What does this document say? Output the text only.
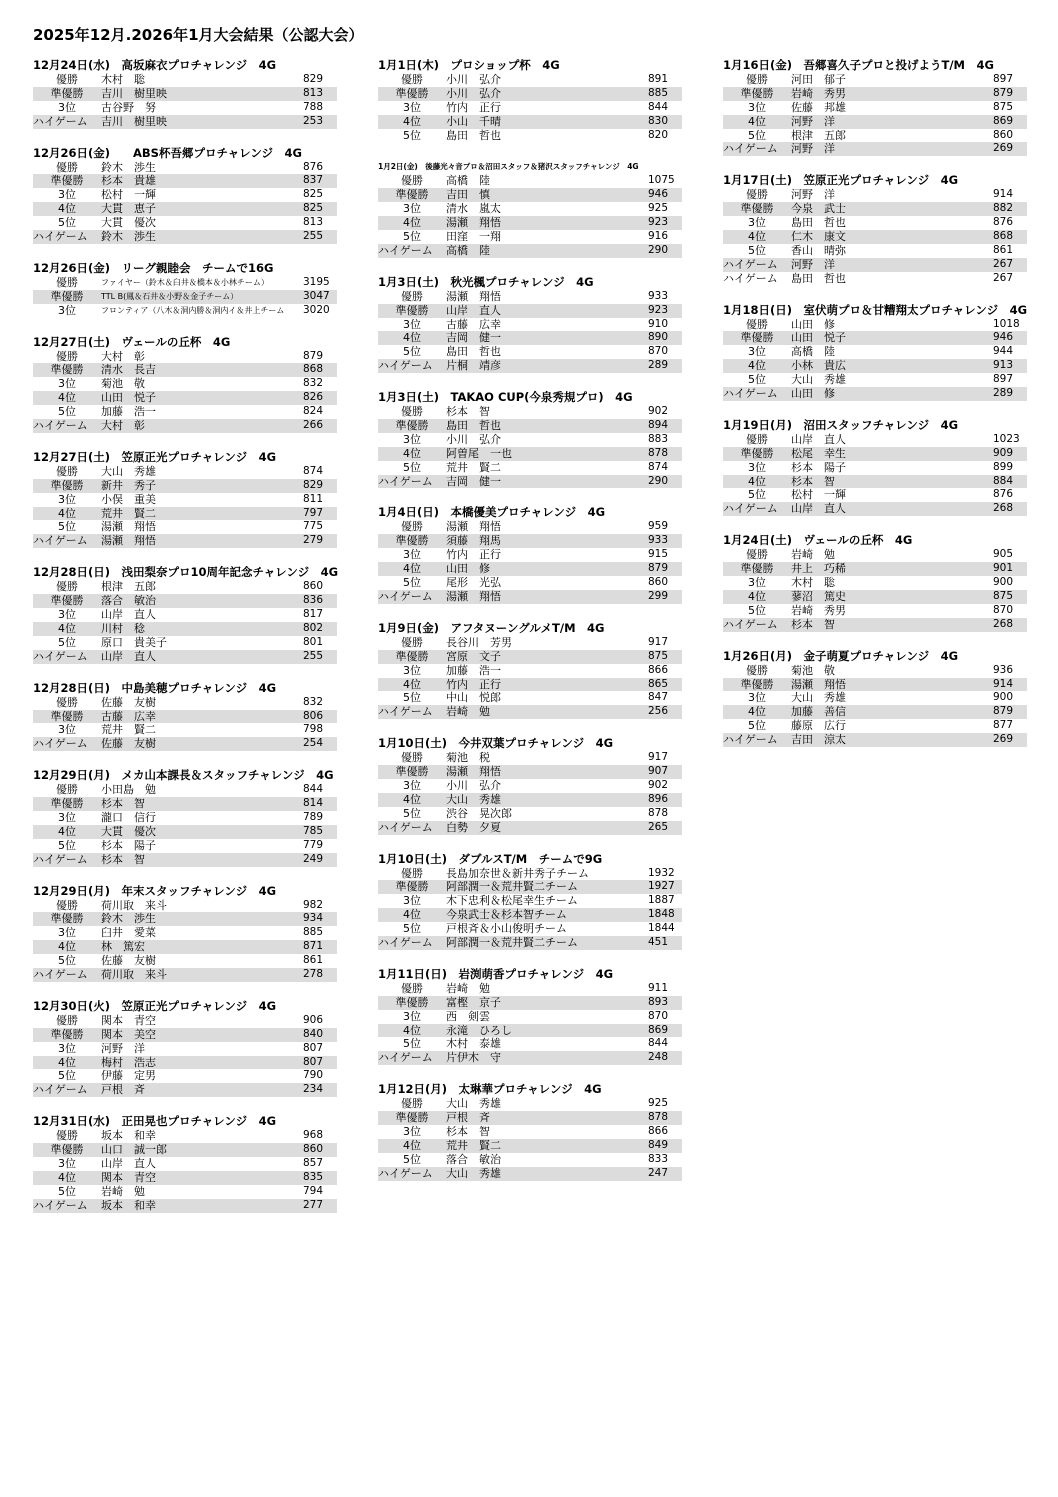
2025年12月.2026年1月大会結果（公認大会）
12月24日(水)　高坂麻衣プロチャレンジ　4G
優勝	木村　聡	829
準優勝	吉川　樹里映	813
3位	古谷野　努	788
ハイゲーム	吉川　樹里映	253
12月26日(金)　　ABS杯吾郷プロチャレンジ　4G
優勝	鈴木　渉生	876
準優勝	杉本　貴雄	837
3位	松村　一輝	825
4位	大貫　恵子	825
5位	大貫　優次	813
ハイゲーム	鈴木　渉生	255
12月26日(金)　リーグ親睦会　チームで16G
優勝	ファイヤー（鈴木＆臼井＆橋本＆小林チーム）	3195
準優勝	TTL B(鳳＆石井＆小野＆金子チーム）	3047
3位	フロンティア（八木＆洞内勝＆洞内イ＆井上チーム	3020
12月27日(土)　ヴェールの丘杯　4G
優勝	大村　彰	879
準優勝	清水　長吉	868
3位	菊池　敬	832
4位	山田　悦子	826
5位	加藤　浩一	824
ハイゲーム	大村　彰	266
12月27日(土)　笠原正光プロチャレンジ　4G
優勝	大山　秀雄	874
準優勝	新井　秀子	829
3位	小俣　重美	811
4位	荒井　賢二	797
5位	湯瀬　翔悟	775
ハイゲーム	湯瀬　翔悟	279
12月28日(日)　浅田梨奈プロ10周年記念チャレンジ　4G
優勝	根津　五郎	860
準優勝	落合　敏治	836
3位	山岸　直人	817
4位	川村　稔	802
5位	原口　貴美子	801
ハイゲーム	山岸　直人	255
12月28日(日)　中島美穂プロチャレンジ　4G
優勝	佐藤　友樹	832
準優勝	古藤　広幸	806
3位	荒井　賢二	798
ハイゲーム	佐藤　友樹	254
12月29日(月)　メカ山本課長＆スタッフチャレンジ　4G
優勝	小田島　勉	844
準優勝	杉本　智	814
3位	瀧口　信行	789
4位	大貫　優次	785
5位	杉本　陽子	779
ハイゲーム	杉本　智	249
12月29日(月)　年末スタッフチャレンジ　4G
優勝	荷川取　来斗	982
準優勝	鈴木　渉生	934
3位	臼井　愛菜	885
4位	林　篤宏	871
5位	佐藤　友樹	861
ハイゲーム	荷川取　来斗	278
12月30日(火)　笠原正光プロチャレンジ　4G
優勝	関本　青空	906
準優勝	関本　美空	840
3位	河野　洋	807
4位	梅村　浩志	807
5位	伊藤　定男	790
ハイゲーム	戸根　斉	234
12月31日(水)　正田晃也プロチャレンジ　4G
優勝	坂本　和幸	968
準優勝	山口　誠一郎	860
3位	山岸　直人	857
4位	関本　青空	835
5位	岩崎　勉	794
ハイゲーム	坂本　和幸	277
1月1日(木)　プロショップ杯　4G
優勝	小川　弘介	891
準優勝	小川　弘介	885
3位	竹内　正行	844
4位	小山　千晴	830
5位	島田　哲也	820
1月2日(金)　後藤光々音プロ＆沼田スタッフ＆猪沢スタッフチャレンジ　4G
優勝	高橋　陸	1075
準優勝	吉田　慎	946
3位	清水　嵐太	925
4位	湯瀬　翔悟	923
5位	田窪　一翔	916
ハイゲーム	高橋　陸	290
1月3日(土)　秋光楓プロチャレンジ　4G
優勝	湯瀬　翔悟	933
準優勝	山岸　直人	923
3位	古藤　広幸	910
4位	吉岡　健一	890
5位	島田　哲也	870
ハイゲーム	片桐　靖彦	289
1月3日(土)　TAKAO CUP(今泉秀規プロ)　4G
優勝	杉本　智	902
準優勝	島田　哲也	894
3位	小川　弘介	883
4位	阿曽尾　一也	878
5位	荒井　賢二	874
ハイゲーム	吉岡　健一	290
1月4日(日)　本橋優美プロチャレンジ　4G
優勝	湯瀬　翔悟	959
準優勝	須藤　翔馬	933
3位	竹内　正行	915
4位	山田　修	879
5位	尾形　光弘	860
ハイゲーム	湯瀬　翔悟	299
1月9日(金)　アフタヌーングルメT/M　4G
優勝	長谷川　芳男	917
準優勝	宮原　文子	875
3位	加藤　浩一	866
4位	竹内　正行	865
5位	中山　悦郎	847
ハイゲーム	岩崎　勉	256
1月10日(土)　今井双葉プロチャレンジ　4G
優勝	菊池　税	917
準優勝	湯瀬　翔悟	907
3位	小川　弘介	902
4位	大山　秀雄	896
5位	渋谷　晃次郎	878
ハイゲーム	白勢　夕夏	265
1月10日(土)　ダブルスT/M　チームで9G
優勝	長島加奈世＆新井秀子チーム	1932
準優勝	阿部潤一＆荒井賢二チーム	1927
3位	木下忠利＆松尾幸生チーム	1887
4位	今泉武士＆杉本智チーム	1848
5位	戸根斉＆小山俊明チーム	1844
ハイゲーム	阿部潤一＆荒井賢二チーム	451
1月11日(日)　岩渕萌香プロチャレンジ　4G
優勝	岩崎　勉	911
準優勝	富樫　京子	893
3位	西　剣雲	870
4位	永滝　ひろし	869
5位	木村　泰雄	844
ハイゲーム	片伊木　守	248
1月12日(月)　太琳華プロチャレンジ　4G
優勝	大山　秀雄	925
準優勝	戸根　斉	878
3位	杉本　智	866
4位	荒井　賢二	849
5位	落合　敏治	833
ハイゲーム	大山　秀雄	247
1月16日(金)　吾郷喜久子プロと投げようT/M　4G
優勝	河田　郁子	897
準優勝	岩崎　秀男	879
3位	佐藤　邦雄	875
4位	河野　洋	869
5位	根津　五郎	860
ハイゲーム	河野　洋	269
1月17日(土)　笠原正光プロチャレンジ　4G
優勝	河野　洋	914
準優勝	今泉　武士	882
3位	島田　哲也	876
4位	仁木　康文	868
5位	香山　晴弥	861
ハイゲーム	河野　洋	267
ハイゲーム	島田　哲也	267
1月18日(日)　室伏萌プロ＆甘糟翔太プロチャレンジ　4G
優勝	山田　修	1018
準優勝	山田　悦子	946
3位	高橋　陸	944
4位	小林　貴広	913
5位	大山　秀雄	897
ハイゲーム	山田　修	289
1月19日(月)　沼田スタッフチャレンジ　4G
優勝	山岸　直人	1023
準優勝	松尾　幸生	909
3位	杉本　陽子	899
4位	杉本　智	884
5位	松村　一輝	876
ハイゲーム	山岸　直人	268
1月24日(土)　ヴェールの丘杯　4G
優勝	岩崎　勉	905
準優勝	井上　巧稀	901
3位	木村　聡	900
4位	蓼沼　篤史	875
5位	岩崎　秀男	870
ハイゲーム	杉本　智	268
1月26日(月)　金子萌夏プロチャレンジ　4G
優勝	菊池　敬	936
準優勝	湯瀬　翔悟	914
3位	大山　秀雄	900
4位	加藤　善信	879
5位	藤原　広行	877
ハイゲーム	吉田　涼太	269
